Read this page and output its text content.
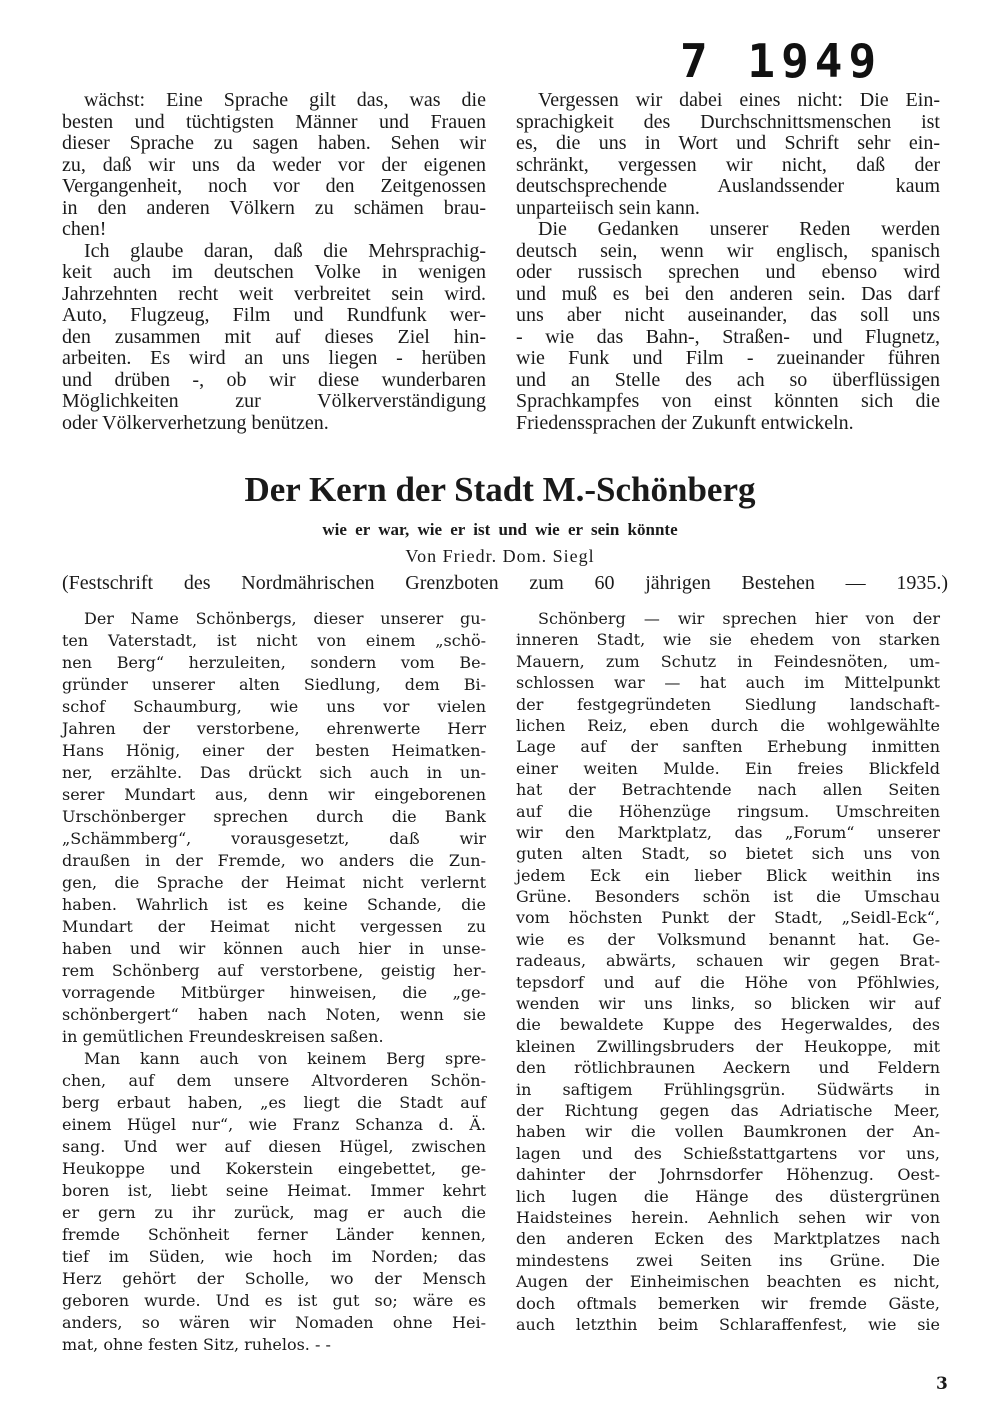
7 1949
wächst: Eine Sprache gilt das, was die
besten und tüchtigsten Männer und Frauen
dieser Sprache zu sagen haben. Sehen wir
zu, daß wir uns da weder vor der eigenen
Vergangenheit, noch vor den Zeitgenossen
in den anderen Völkern zu schämen brau-
chen!
Ich glaube daran, daß die Mehrsprachig-
keit auch im deutschen Volke in wenigen
Jahrzehnten recht weit verbreitet sein wird.
Auto, Flugzeug, Film und Rundfunk wer-
den zusammen mit auf dieses Ziel hin-
arbeiten. Es wird an uns liegen - herüben
und drüben -, ob wir diese wunderbaren
Möglichkeiten zur Völkerverständigung
oder Völkerverhetzung benützen.
Vergessen wir dabei eines nicht: Die Ein-
sprachigkeit des Durchschnittsmenschen ist
es, die uns in Wort und Schrift sehr ein-
schränkt, vergessen wir nicht, daß der
deutschsprechende Auslandssender kaum
unparteiisch sein kann.
Die Gedanken unserer Reden werden
deutsch sein, wenn wir englisch, spanisch
oder russisch sprechen und ebenso wird
und muß es bei den anderen sein. Das darf
uns aber nicht auseinander, das soll uns
- wie das Bahn-, Straßen- und Flugnetz,
wie Funk und Film - zueinander führen
und an Stelle des ach so überflüssigen
Sprachkampfes von einst könnten sich die
Friedenssprachen der Zukunft entwickeln.
Der Kern der Stadt M.-Schönberg
wie er war, wie er ist und wie er sein könnte
Von Friedr. Dom. Siegl
(Festschrift des Nordmährischen Grenzboten zum 60 jährigen Bestehen — 1935.)
Der Name Schönbergs, dieser unserer gu-
ten Vaterstadt, ist nicht von einem „schö-
nen Berg“ herzuleiten, sondern vom Be-
gründer unserer alten Siedlung, dem Bi-
schof Schaumburg, wie uns vor vielen
Jahren der verstorbene, ehrenwerte Herr
Hans Hönig, einer der besten Heimatken-
ner, erzählte. Das drückt sich auch in un-
serer Mundart aus, denn wir eingeborenen
Urschönberger sprechen durch die Bank
„Schämmberg“, vorausgesetzt, daß wir
draußen in der Fremde, wo anders die Zun-
gen, die Sprache der Heimat nicht verlernt
haben. Wahrlich ist es keine Schande, die
Mundart der Heimat nicht vergessen zu
haben und wir können auch hier in unse-
rem Schönberg auf verstorbene, geistig her-
vorragende Mitbürger hinweisen, die „ge-
schönbergert“ haben nach Noten, wenn sie
in gemütlichen Freundeskreisen saßen.
Man kann auch von keinem Berg spre-
chen, auf dem unsere Altvorderen Schön-
berg erbaut haben, „es liegt die Stadt auf
einem Hügel nur“, wie Franz Schanza d. Ä.
sang. Und wer auf diesen Hügel, zwischen
Heukoppe und Kokerstein eingebettet, ge-
boren ist, liebt seine Heimat. Immer kehrt
er gern zu ihr zurück, mag er auch die
fremde Schönheit ferner Länder kennen,
tief im Süden, wie hoch im Norden; das
Herz gehört der Scholle, wo der Mensch
geboren wurde. Und es ist gut so; wäre es
anders, so wären wir Nomaden ohne Hei-
mat, ohne festen Sitz, ruhelos. - -
Schönberg — wir sprechen hier von der
inneren Stadt, wie sie ehedem von starken
Mauern, zum Schutz in Feindesnöten, um-
schlossen war — hat auch im Mittelpunkt
der festgegründeten Siedlung landschaft-
lichen Reiz, eben durch die wohlgewählte
Lage auf der sanften Erhebung inmitten
einer weiten Mulde. Ein freies Blickfeld
hat der Betrachtende nach allen Seiten
auf die Höhenzüge ringsum. Umschreiten
wir den Marktplatz, das „Forum“ unserer
guten alten Stadt, so bietet sich uns von
jedem Eck ein lieber Blick weithin ins
Grüne. Besonders schön ist die Umschau
vom höchsten Punkt der Stadt, „Seidl-Eck“,
wie es der Volksmund benannt hat. Ge-
radeaus, abwärts, schauen wir gegen Brat-
tepsdorf und auf die Höhe von Pföhlwies,
wenden wir uns links, so blicken wir auf
die bewaldete Kuppe des Hegerwaldes, des
kleinen Zwillingsbruders der Heukoppe, mit
den rötlichbraunen Aeckern und Feldern
in saftigem Frühlingsgrün. Südwärts in
der Richtung gegen das Adriatische Meer,
haben wir die vollen Baumkronen der An-
lagen und des Schießstattgartens vor uns,
dahinter der Johrnsdorfer Höhenzug. Oest-
lich lugen die Hänge des düstergrünen
Haidsteines herein. Aehnlich sehen wir von
den anderen Ecken des Marktplatzes nach
mindestens zwei Seiten ins Grüne. Die
Augen der Einheimischen beachten es nicht,
doch oftmals bemerken wir fremde Gäste,
auch letzthin beim Schlaraffenfest, wie sie
3
